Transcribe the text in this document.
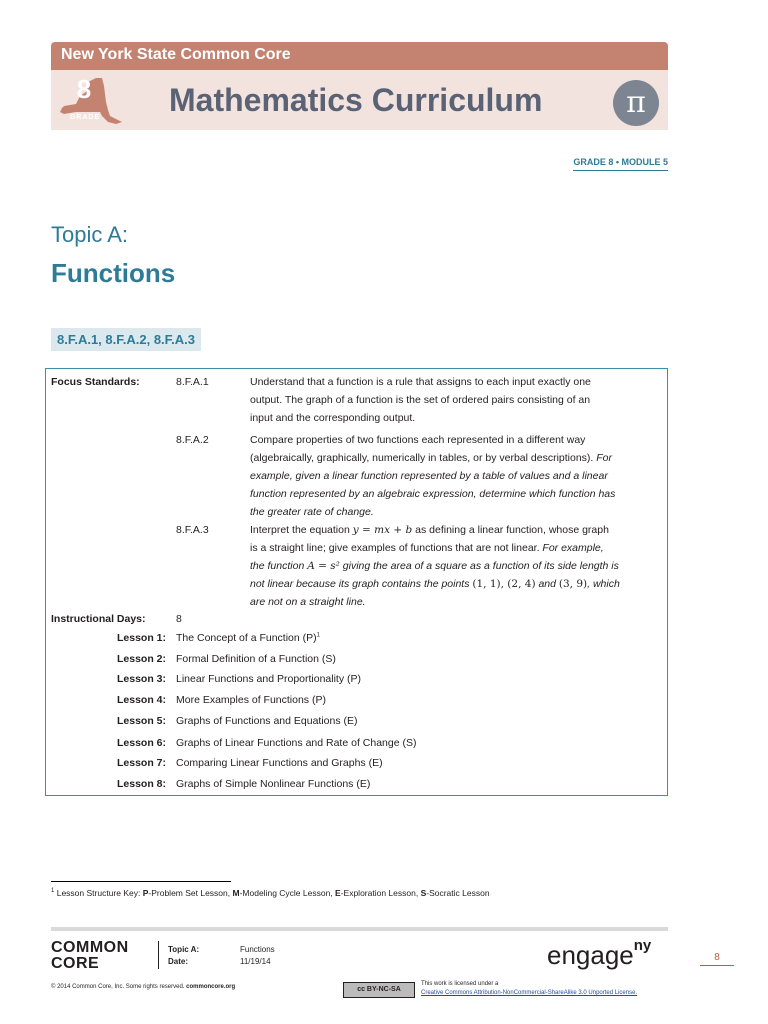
New York State Common Core
8
GRADE Mathematics Curriculum	π
GRADE 8 • MODULE 5
Topic A:
Functions
8.F.A.1, 8.F.A.2, 8.F.A.3
Focus Standards:	8.F.A.1	Understand that a function is a rule that assigns to each input exactly one
output. The graph of a function is the set of ordered pairs consisting of an
input and the corresponding output.
8.F.A.2	Compare properties of two functions each represented in a different way
(algebraically, graphically, numerically in tables, or by verbal descriptions). For
example, given a linear function represented by a table of values and a linear
function represented by an algebraic expression, determine which function has
the greater rate of change.
8.F.A.3	Interpret the equation y = mx + b as defining a linear function, whose graph
is a straight line; give examples of functions that are not linear. For example,
the function A = s² giving the area of a square as a function of its side length is
not linear because its graph contains the points (1, 1), (2, 4) and (3, 9), which
are not on a straight line.
Instructional Days:	8
Lesson 1: The Concept of a Function $(P)^1$
Lesson 2: Formal Definition of a Function (S)
Lesson 3: Linear Functions and Proportionality (P)
Lesson 4: More Examples of Functions (P)
Lesson 5: Graphs of Functions and Equations (E)
Lesson 6: Graphs of Linear Functions and Rate of Change (S)
Lesson 7: Comparing Linear Functions and Graphs (E)
Lesson 8: Graphs of Simple Nonlinear Functions (E)
$^1$ Lesson Structure Key: P-Problem Set Lesson, M-Modeling Cycle Lesson, E-Exploration Lesson, S-Socratic Lesson
COMMON
CORE
Topic A:
Date:
Functions
11/19/14	engage$^{ny}$
8
© 2014 Common Core, Inc. Some rights reserved. commoncore.org	cc BY-NC-SA
This work is licensed under a
Creative Commons Attribution-NonCommercial-ShareAlike 3.0 Unported License.
